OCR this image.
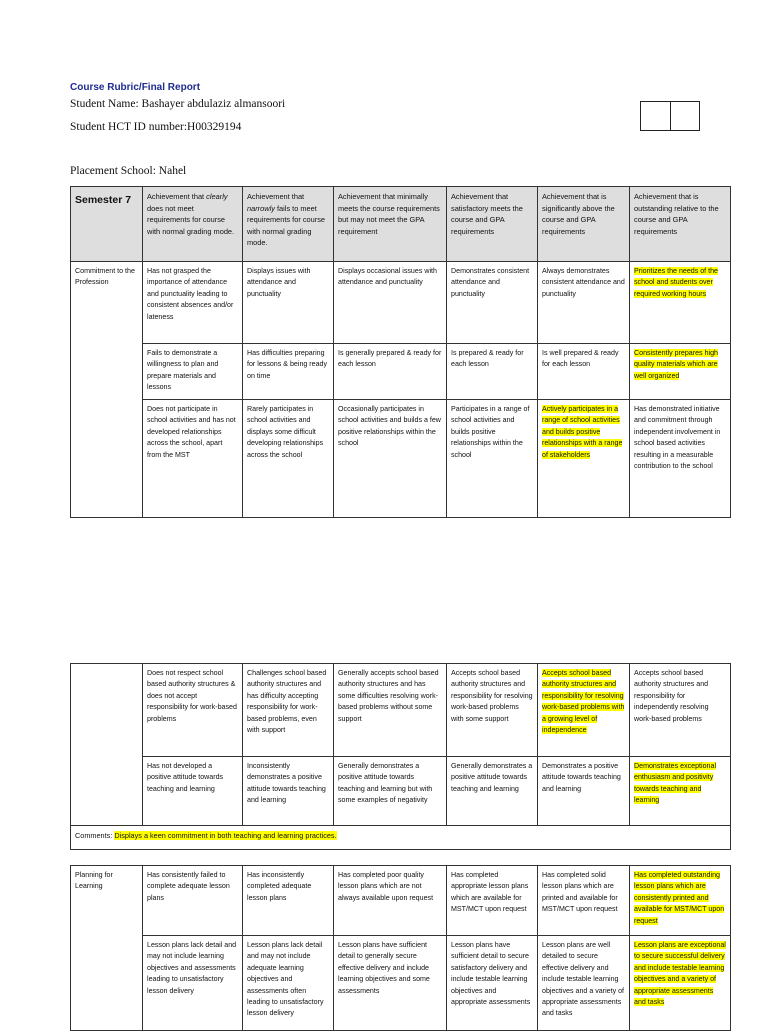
Course Rubric/Final Report
Student Name: Bashayer abdulaziz almansoori
Student HCT ID number:H00329194
Placement School: Nahel
Semester 7	Achievement that clearly does not meet requirements for course with normal grading mode.	Achievement that narrowly fails to meet requirements for course with normal grading mode.	Achievement that minimally meets the course requirements but may not meet the GPA requirement	Achievement that satisfactory meets the course and GPA requirements	Achievement that is significantly above the course and GPA requirements	Achievement that is outstanding relative to the course and GPA requirements
Commitment to the Profession	Has not grasped the importance of attendance and punctuality leading to consistent absences and/or lateness	Displays issues with attendance and punctuality	Displays occasional issues with attendance and punctuality	Demonstrates consistent attendance and punctuality	Always demonstrates consistent attendance and punctuality	Prioritizes the needs of the school and students over required working hours
	Fails to demonstrate a willingness to plan and prepare materials and lessons	Has difficulties preparing for lessons & being ready on time	Is generally prepared & ready for each lesson	Is prepared & ready for each lesson	Is well prepared & ready for each lesson	Consistently prepares high quality materials which are well organized
	Does not participate in school activities and has not developed relationships across the school, apart from the MST	Rarely participates in school activities and displays some difficult developing relationships across the school	Occasionally participates in school activities and builds a few positive relationships within the school	Participates in a range of school activities and builds positive relationships within the school	Actively participates in a range of school activities and builds positive relationships with a range of stakeholders	Has demonstrated initiative and commitment through independent involvement in school based activities resulting in a measurable contribution to the school
	Does not respect school based authority structures & does not accept responsibility for work-based problems	Challenges school based authority structures and has difficulty accepting responsibility for work-based problems, even with support	Generally accepts school based authority structures and has some difficulties resolving work-based problems without some support	Accepts school based authority structures and responsibility for resolving work-based problems with some support	Accepts school based authority structures and responsibility for resolving work-based problems with a growing level of independence	Accepts school based authority structures and responsibility for independently resolving work-based problems
	Has not developed a positive attitude towards teaching and learning	Inconsistently demonstrates a positive attitude towards teaching and learning	Generally demonstrates a positive attitude towards teaching and learning but with some examples of negativity	Generally demonstrates a positive attitude towards teaching and learning	Demonstrates a positive attitude towards teaching and learning	Demonstrates exceptional enthusiasm and positivity towards teaching and learning
Comments: Displays a keen commitment in both teaching and learning practices.						
Planning for Learning	Has consistently failed to complete adequate lesson plans	Has inconsistently completed adequate lesson plans	Has completed poor quality lesson plans which are not always available upon request	Has completed appropriate lesson plans which are available for MST/MCT upon request	Has completed solid lesson plans which are printed and available for MST/MCT upon request	Has completed outstanding lesson plans which are consistently printed and available for MST/MCT upon request
	Lesson plans lack detail and may not include learning objectives and assessments leading to unsatisfactory lesson delivery	Lesson plans lack detail and may not include adequate learning objectives and assessments often leading to unsatisfactory lesson delivery	Lesson plans have sufficient detail to generally secure effective delivery and include learning objectives and some assessments	Lesson plans have sufficient detail to secure satisfactory delivery and include testable learning objectives and appropriate assessments	Lesson plans are well detailed to secure effective delivery and include testable learning objectives and a variety of appropriate assessments and tasks	Lesson plans are exceptional to secure successful delivery and include testable learning objectives and a variety of appropriate assessments and tasks
